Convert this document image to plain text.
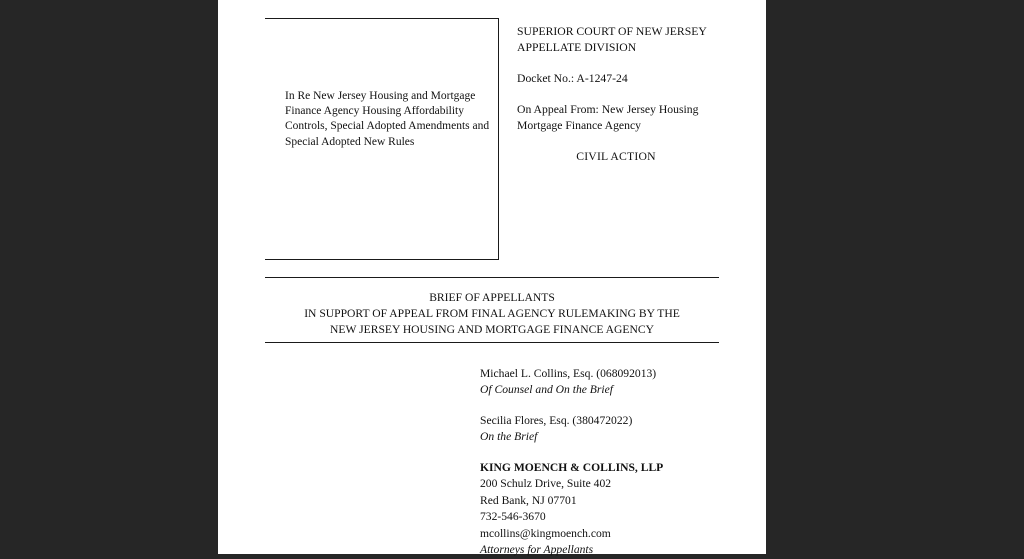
In Re New Jersey Housing and Mortgage Finance Agency Housing Affordability Controls, Special Adopted Amendments and Special Adopted New Rules
SUPERIOR COURT OF NEW JERSEY
APPELLATE DIVISION
Docket No.: A-1247-24
On Appeal From: New Jersey Housing
Mortgage Finance Agency
CIVIL ACTION
BRIEF OF APPELLANTS
IN SUPPORT OF APPEAL FROM FINAL AGENCY RULEMAKING BY THE
NEW JERSEY HOUSING AND MORTGAGE FINANCE AGENCY
Michael L. Collins, Esq. (068092013)
Of Counsel and On the Brief
Secilia Flores, Esq. (380472022)
On the Brief
KING MOENCH & COLLINS, LLP
200 Schulz Drive, Suite 402
Red Bank, NJ 07701
732-546-3670
mcollins@kingmoench.com
Attorneys for Appellants
